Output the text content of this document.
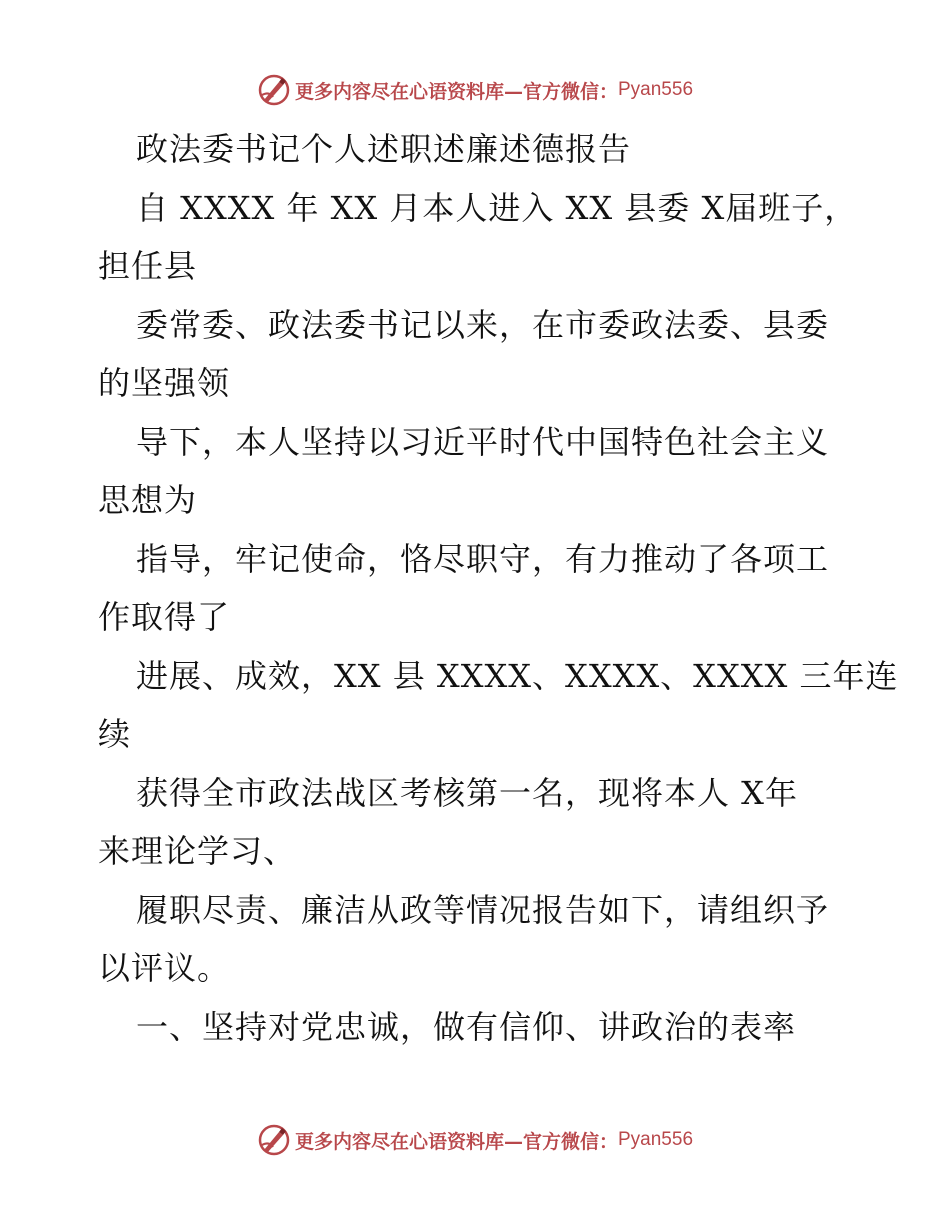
更多内容尽在心语资料库—官方微信： Pyan556
政法委书记个人述职述廉述德报告
自 XXXX 年 XX 月本人进入 XX 县委 X届班子，
担任县
委常委、政法委书记以来，在市委政法委、县委
的坚强领
导下，本人坚持以习近平时代中国特色社会主义
思想为
指导，牢记使命，恪尽职守，有力推动了各项工
作取得了
进展、成效，XX 县 XXXX、XXXX、XXXX 三年连
续
获得全市政法战区考核第一名，现将本人 X年
来理论学习、
履职尽责、廉洁从政等情况报告如下，请组织予
以评议。
一、坚持对党忠诚，做有信仰、讲政治的表率
更多内容尽在心语资料库—官方微信： Pyan556
